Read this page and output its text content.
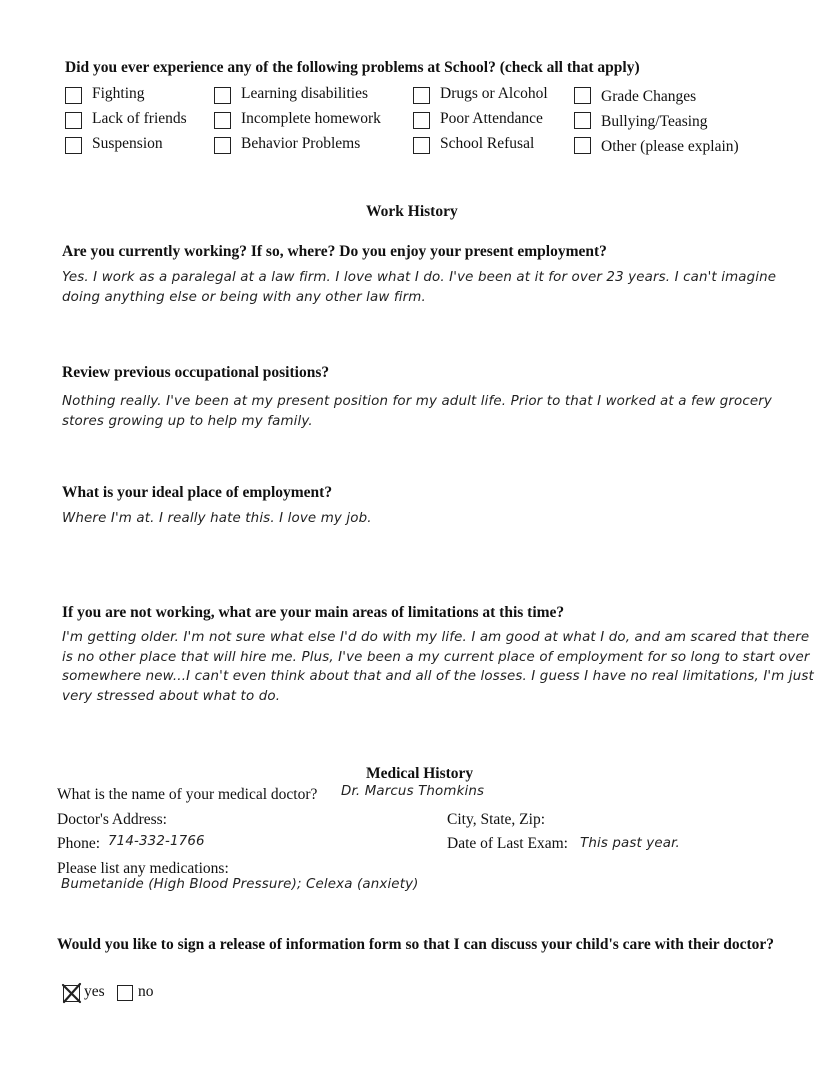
Did you ever experience any of the following problems at School? (check all that apply)
Fighting	Learning disabilities	Drugs or Alcohol	Grade Changes
Lack of friends	Incomplete homework	Poor Attendance	Bullying/Teasing
Suspension	Behavior Problems	School Refusal	Other (please explain)
Work History
Are you currently working? If so, where? Do you enjoy your present employment?
Yes. I work as a paralegal at a law firm. I love what I do. I've been at it for over 23 years. I can't imagine
doing anything else or being with any other law firm.
Review previous occupational positions?
Nothing really. I've been at my present position for my adult life. Prior to that I worked at a few grocery
stores growing up to help my family.
What is your ideal place of employment?
Where I'm at. I really hate this. I love my job.
If you are not working, what are your main areas of limitations at this time?
I'm getting older. I'm not sure what else I'd do with my life. I am good at what I do, and am scared that there
is no other place that will hire me. Plus, I've been a my current place of employment for so long to start over
somewhere new...I can't even think about that and all of the losses. I guess I have no real limitations, I'm just
very stressed about what to do.
Medical History
What is the name of your medical doctor? Dr. Marcus Thomkins
Doctor's Address:	City, State, Zip:
Phone: 714-332-1766	Date of Last Exam: This past year.
Please list any medications:
Bumetanide (High Blood Pressure); Celexa (anxiety)
Would you like to sign a release of information form so that I can discuss your child's care with their doctor?
yes no
